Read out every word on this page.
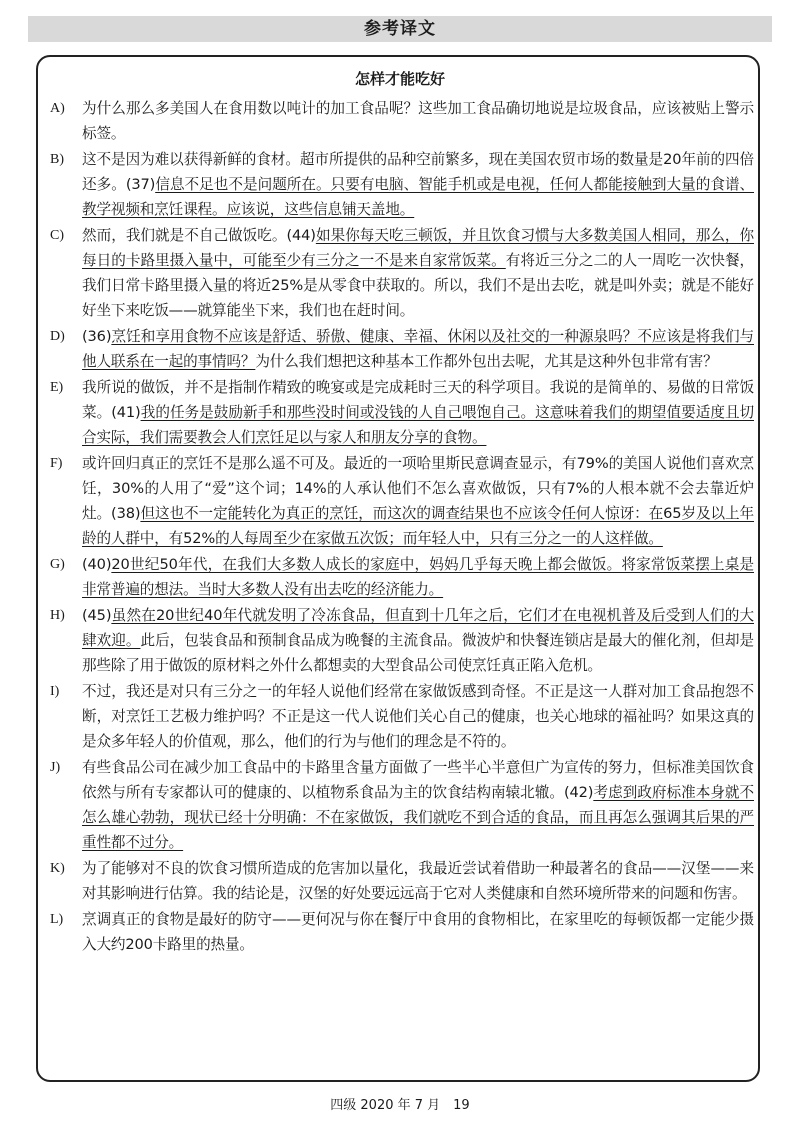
参考译文
怎样才能吃好
A) 为什么那么多美国人在食用数以吨计的加工食品呢？这些加工食品确切地说是垃圾食品，应该被贴上警示标签。
B) 这不是因为难以获得新鲜的食材。超市所提供的品种空前繁多，现在美国农贸市场的数量是20年前的四倍还多。(37)信息不足也不是问题所在。只要有电脑、智能手机或是电视，任何人都能接触到大量的食谱、教学视频和烹饪课程。应该说，这些信息铺天盖地。
C) 然而，我们就是不自己做饭吃。(44)如果你每天吃三顿饭，并且饮食习惯与大多数美国人相同，那么，你每日的卡路里摄入量中，可能至少有三分之一不是来自家常饭菜。有将近三分之二的人一周吃一次快餐，我们日常卡路里摄入量的将近25%是从零食中获取的。所以，我们不是出去吃，就是叫外卖；就是不能好好坐下来吃饭——就算能坐下来，我们也在赶时间。
D) (36)烹饪和享用食物不应该是舒适、骄傲、健康、幸福、休闲以及社交的一种源泉吗？不应该是将我们与他人联系在一起的事情吗？为什么我们想把这种基本工作都外包出去呢，尤其是这种外包非常有害？
E) 我所说的做饭，并不是指制作精致的晚宴或是完成耗时三天的科学项目。我说的是简单的、易做的日常饭菜。(41)我的任务是鼓励新手和那些没时间或没钱的人自己喂饱自己。这意味着我们的期望值要适度且切合实际，我们需要教会人们烹饪足以与家人和朋友分享的食物。
F) 或许回归真正的烹饪不是那么遥不可及。最近的一项哈里斯民意调查显示，有79%的美国人说他们喜欢烹饪，30%的人用了“爱”这个词；14%的人承认他们不怎么喜欢做饭，只有7%的人根本就不会去靠近炉灶。(38)但这也不一定能转化为真正的烹饪，而这次的调查结果也不应该令任何人惊讶：在65岁及以上年龄的人群中，有52%的人每周至少在家做五次饭；而年轻人中，只有三分之一的人这样做。
G) (40)20世纪50年代，在我们大多数人成长的家庭中，妈妈几乎每天晚上都会做饭。将家常饭菜摆上桌是非常普遍的想法。当时大多数人没有出去吃的经济能力。
H) (45)虽然在20世纪40年代就发明了冷冻食品，但直到十几年之后，它们才在电视机普及后受到人们的大肆欢迎。此后，包装食品和预制食品成为晚餐的主流食品。微波炉和快餐连锁店是最大的催化剂，但却是那些除了用于做饭的原材料之外什么都想卖的大型食品公司使烹饪真正陷入危机。
I) 不过，我还是对只有三分之一的年轻人说他们经常在家做饭感到奇怪。不正是这一人群对加工食品抱怨不断，对烹饪工艺极力维护吗？不正是这一代人说他们关心自己的健康，也关心地球的福祉吗？如果这真的是众多年轻人的价值观，那么，他们的行为与他们的理念是不符的。
J) 有些食品公司在减少加工食品中的卡路里含量方面做了一些半心半意但广为宣传的努力，但标准美国饮食依然与所有专家都认可的健康的、以植物系食品为主的饮食结构南辕北辙。(42)考虑到政府标准本身就不怎么雄心勃勃，现状已经十分明确：不在家做饭，我们就吃不到合适的食品，而且再怎么强调其后果的严重性都不过分。
K) 为了能够对不良的饮食习惯所造成的危害加以量化，我最近尝试着借助一种最著名的食品——汉堡——来对其影响进行估算。我的结论是，汉堡的好处要远远高于它对人类健康和自然环境所带来的问题和伤害。
L) 烹调真正的食物是最好的防守——更何况与你在餐厅中食用的食物相比，在家里吃的每顿饭都一定能少摄入大约200卡路里的热量。
四级 2020 年 7 月　19
